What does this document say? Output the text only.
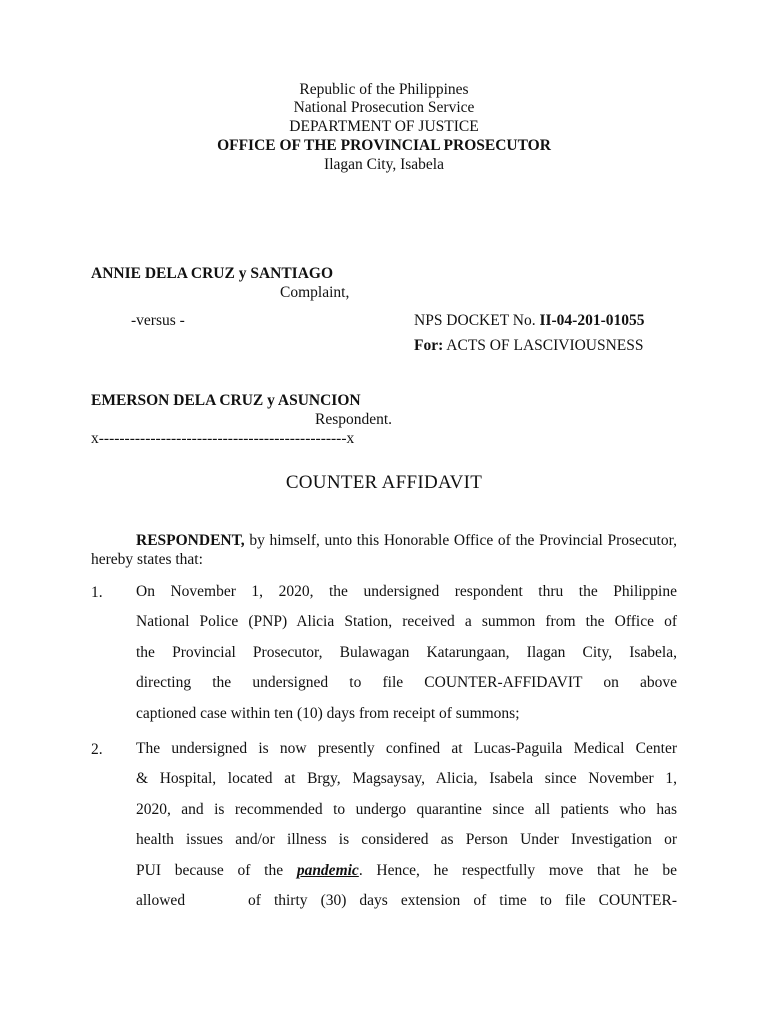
Republic of the Philippines
National Prosecution Service
DEPARTMENT OF JUSTICE
OFFICE OF THE PROVINCIAL PROSECUTOR
Ilagan City, Isabela
ANNIE DELA CRUZ y SANTIAGO
Complaint,
-versus -	NPS DOCKET No. II-04-201-01055
For: ACTS OF LASCIVIOUSNESS
EMERSON DELA CRUZ y ASUNCION
Respondent.
x------------------------------------------------x
COUNTER AFFIDAVIT
RESPONDENT, by himself, unto this Honorable Office of the Provincial Prosecutor, hereby states that:
1. On November 1, 2020, the undersigned respondent thru the Philippine
National Police (PNP) Alicia Station, received a summon from the Office of
the Provincial Prosecutor, Bulawagan Katarungaan, Ilagan City, Isabela,
directing the undersigned to file COUNTER-AFFIDAVIT on above
captioned case within ten (10) days from receipt of summons;
2. The undersigned is now presently confined at Lucas-Paguila Medical Center
& Hospital, located at Brgy, Magsaysay, Alicia, Isabela since November 1,
2020, and is recommended to undergo quarantine since all patients who has
health issues and/or illness is considered as Person Under Investigation or
PUI because of the pandemic. Hence, he respectfully move that he be
allowed	of thirty (30) days extension of time to file COUNTER-
